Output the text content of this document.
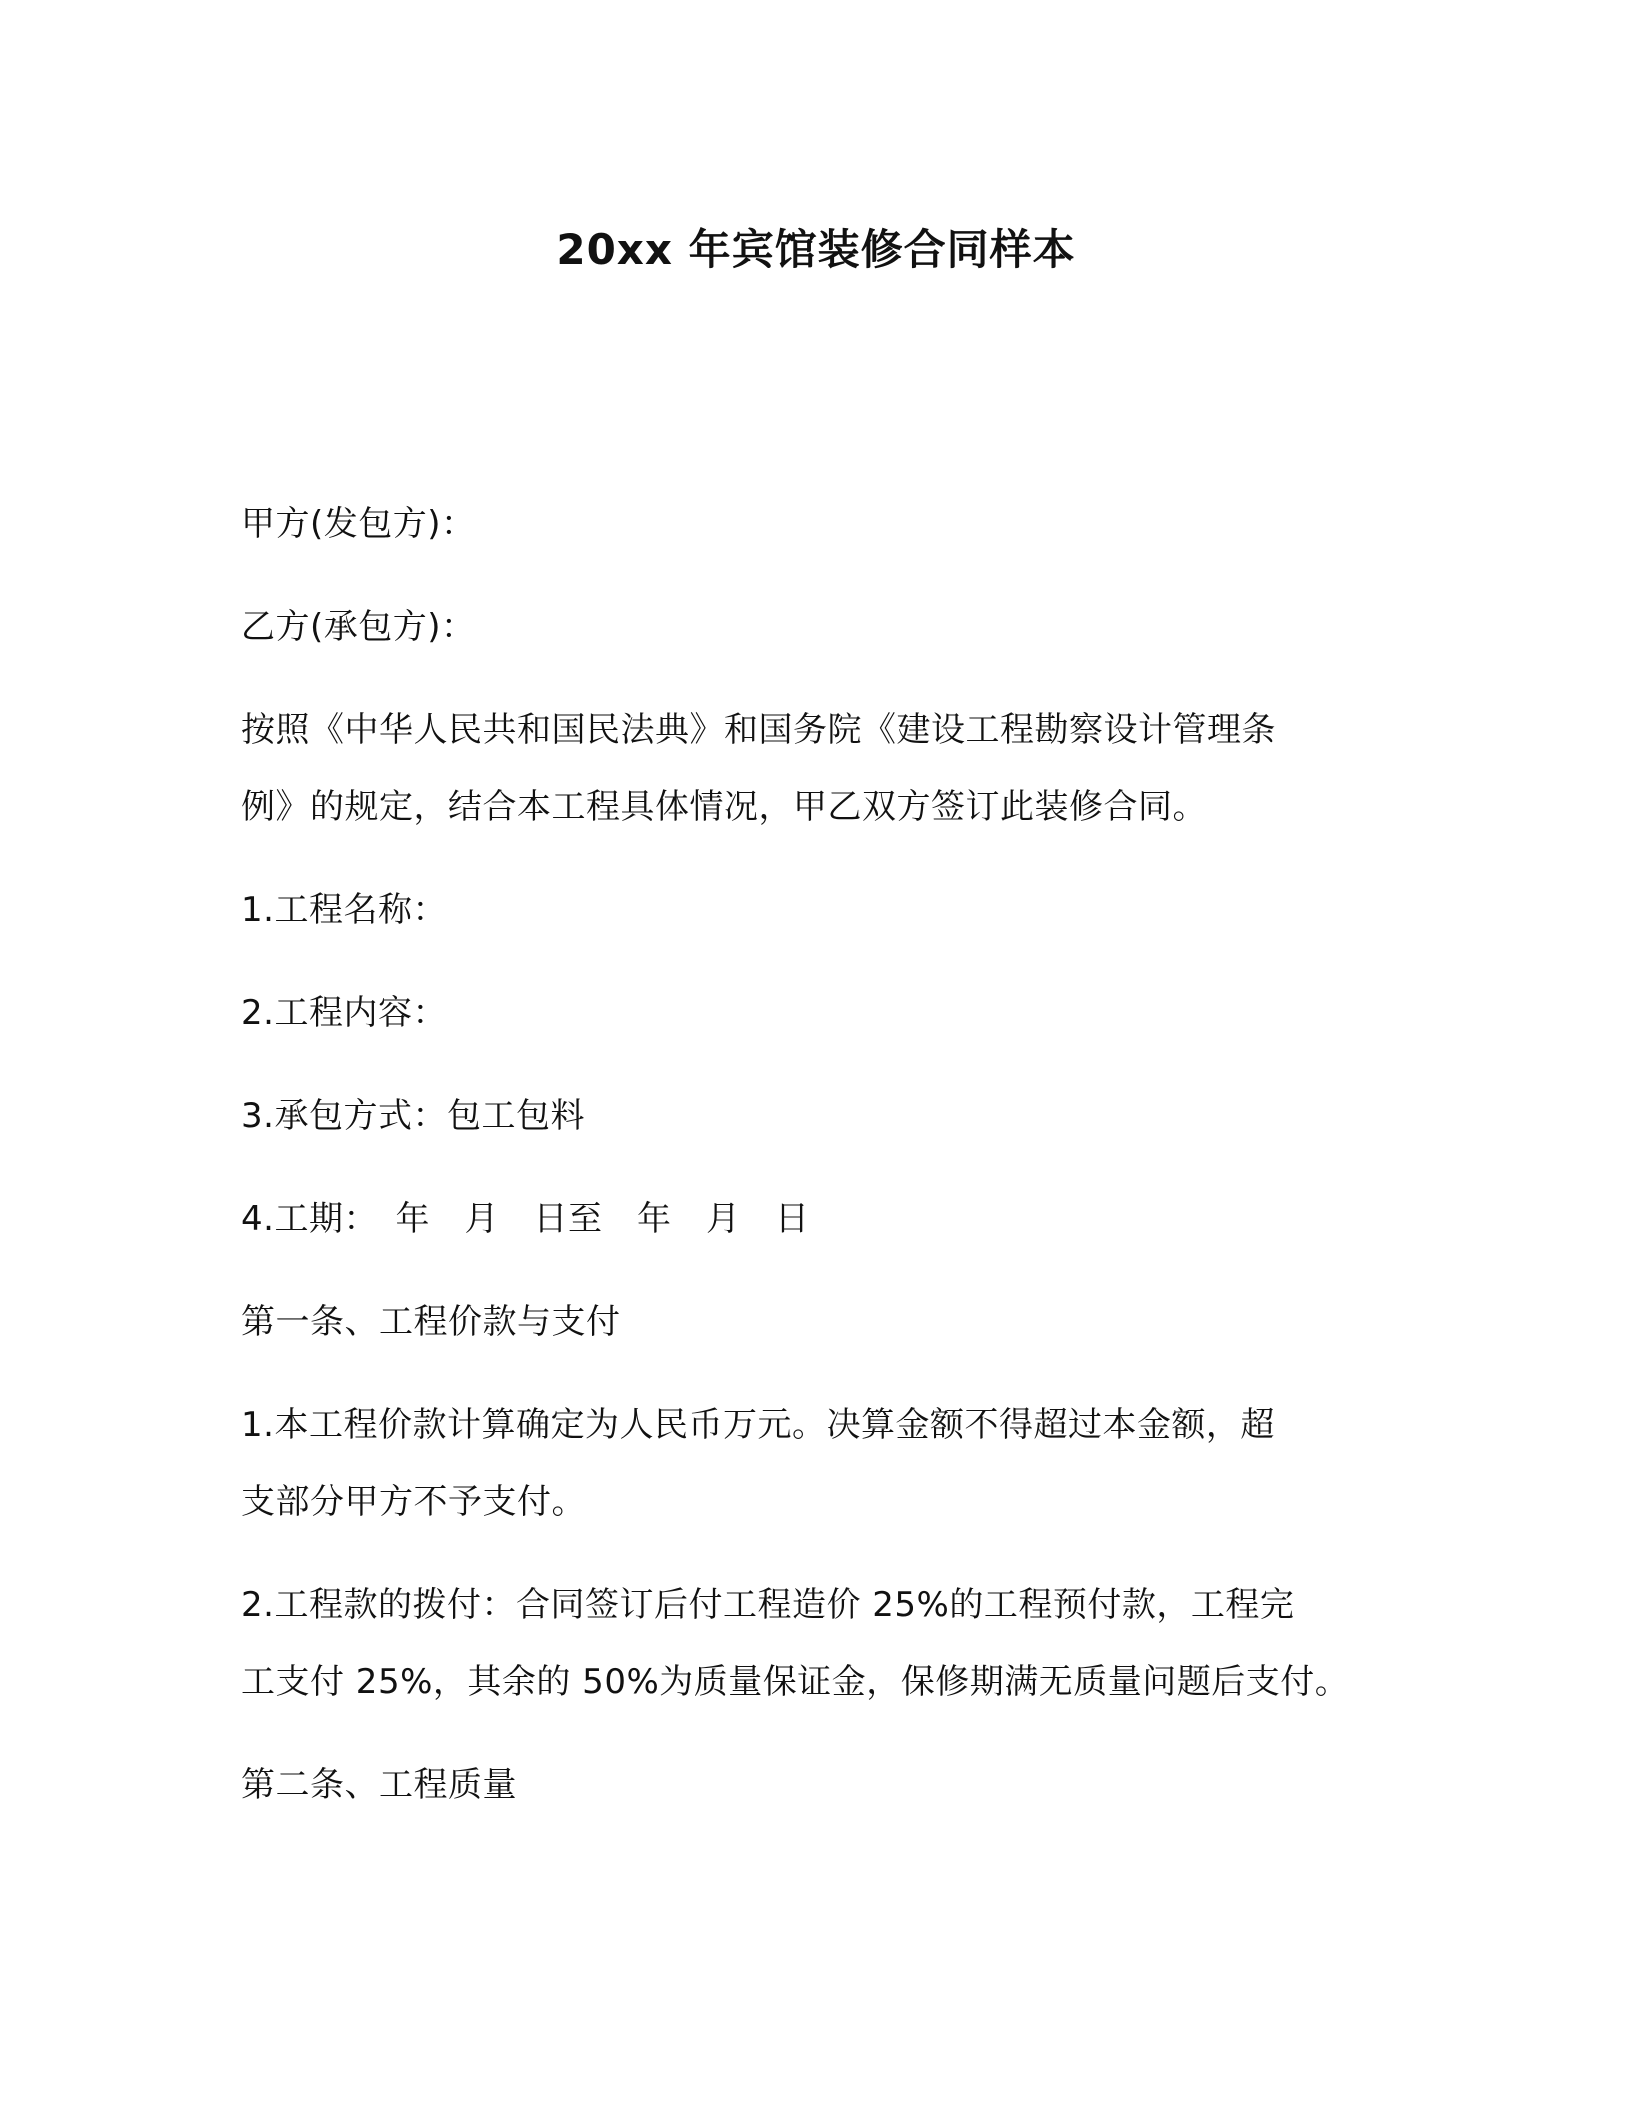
20xx 年宾馆装修合同样本
甲方(发包方)：
乙方(承包方)：
按照《中华人民共和国民法典》和国务院《建设工程勘察设计管理条
例》的规定，结合本工程具体情况，甲乙双方签订此装修合同。
1.工程名称：
2.工程内容：
3.承包方式：包工包料
4.工期：　年　月　日至　年　月　日
第一条、工程价款与支付
1.本工程价款计算确定为人民币万元。决算金额不得超过本金额，超
支部分甲方不予支付。
2.工程款的拨付：合同签订后付工程造价 25%的工程预付款，工程完
工支付 25%，其余的 50%为质量保证金，保修期满无质量问题后支付。
第二条、工程质量
